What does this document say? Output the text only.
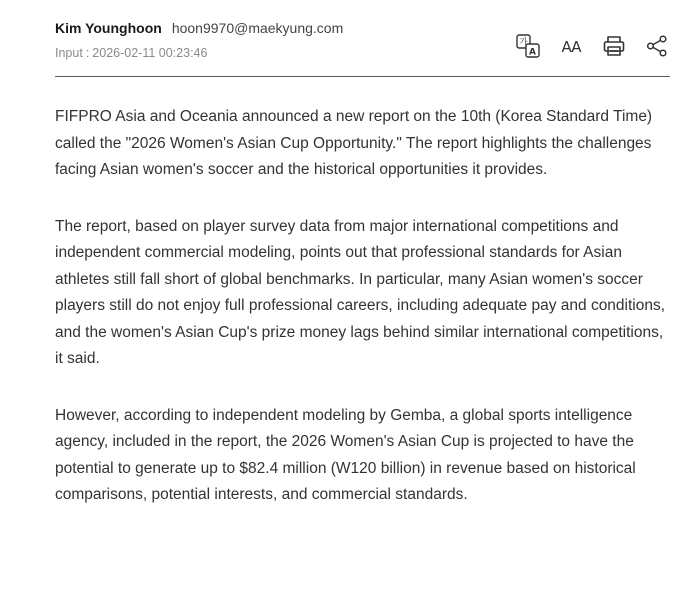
Kim Younghoon hoon9970@maekyung.com
Input : 2026-02-11 00:23:46
가
A AA

FIFPRO Asia and Oceania announced a new report on the 10th (Korea Standard Time) called the "2026 Women's Asian Cup Opportunity." The report highlights the challenges facing Asian women's soccer and the historical opportunities it provides.

The report, based on player survey data from major international competitions and independent commercial modeling, points out that professional standards for Asian athletes still fall short of global benchmarks. In particular, many Asian women's soccer players still do not enjoy full professional careers, including adequate pay and conditions, and the women's Asian Cup's prize money lags behind similar international competitions, it said.

However, according to independent modeling by Gemba, a global sports intelligence agency, included in the report, the 2026 Women's Asian Cup is projected to have the potential to generate up to $82.4 million (W120 billion) in revenue based on historical comparisons, potential interests, and commercial standards.
